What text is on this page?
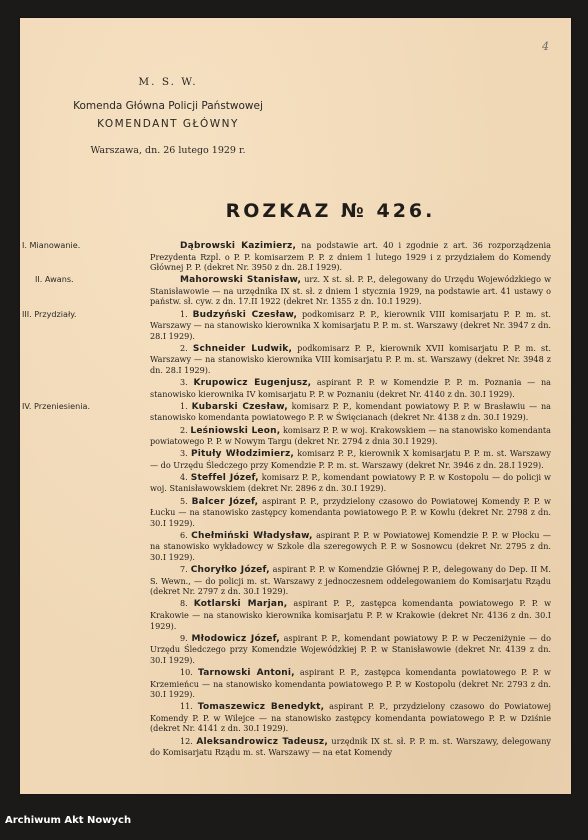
4
M. S. W.
Komenda Główna Policji Państwowej
KOMENDANT GŁÓWNY
Warszawa, dn. 26 lutego 1929 r.
ROZKAZ № 426.
I. Mianowanie.	Dąbrowski Kazimierz, na podstawie art. 40 i zgodnie z art. 36 rozporządzenia Prezydenta Rzpl. o P. P. komisarzem P. P. z dniem 1 lutego 1929 i z przydziałem do Komendy Głównej P. P. (dekret Nr. 3950 z dn. 28.I 1929).
II. Awans.	Mahorowski Stanisław, urz. X st. sł. P. P., delegowany do Urzędu Wojewódzkiego w Stanisławowie — na urzędnika IX st. sł. z dniem 1 stycznia 1929, na podstawie art. 41 ustawy o państw. sł. cyw. z dn. 17.II 1922 (dekret Nr. 1355 z dn. 10.I 1929).
III. Przydziały.	1. Budzyński Czesław, podkomisarz P. P., kierownik VIII komisarjatu P. P. m. st. Warszawy — na stanowisko kierownika X komisarjatu P. P. m. st. Warszawy (dekret Nr. 3947 z dn. 28.I 1929).
2. Schneider Ludwik, podkomisarz P. P., kierownik XVII komisarjatu P. P. m. st. Warszawy — na stanowisko kierownika VIII komisarjatu P. P. m. st. Warszawy (dekret Nr. 3948 z dn. 28.I 1929).
3. Krupowicz Eugenjusz, aspirant P. P. w Komendzie P. P. m. Poznania — na stanowisko kierownika IV komisarjatu P. P. w Poznaniu (dekret Nr. 4140 z dn. 30.I 1929).
IV. Przeniesienia.	1. Kubarski Czesław, komisarz P. P., komendant powiatowy P. P. w Brasławiu — na stanowisko komendanta powiatowego P. P. w Święcianach (dekret Nr. 4138 z dn. 30.I 1929).
2. Leśniowski Leon, komisarz P. P. w woj. Krakowskiem — na stanowisko komendanta powiatowego P. P. w Nowym Targu (dekret Nr. 2794 z dnia 30.I 1929).
3. Pituły Włodzimierz, komisarz P. P., kierownik X komisarjatu P. P. m. st. Warszawy — do Urzędu Śledczego przy Komendzie P. P. m. st. Warszawy (dekret Nr. 3946 z dn. 28.I 1929).
4. Steffel Józef, komisarz P. P., komendant powiatowy P. P. w Kostopolu — do policji w woj. Stanisławowskiem (dekret Nr. 2896 z dn. 30.I 1929).
5. Balcer Józef, aspirant P. P., przydzielony czasowo do Powiatowej Komendy P. P. w Łucku — na stanowisko zastępcy komendanta powiatowego P. P. w Kowlu (dekret Nr. 2798 z dn. 30.I 1929).
6. Chełmiński Władysław, aspirant P. P. w Powiatowej Komendzie P. P. w Płocku — na stanowisko wykładowcy w Szkole dla szeregowych P. P. w Sosnowcu (dekret Nr. 2795 z dn. 30.I 1929).
7. Choryłko Józef, aspirant P. P. w Komendzie Głównej P. P., delegowany do Dep. II M. S. Wewn., — do policji m. st. Warszawy z jednoczesnem oddelegowaniem do Komisarjatu Rządu (dekret Nr. 2797 z dn. 30.I 1929).
8. Kotlarski Marjan, aspirant P. P., zastępca komendanta powiatowego P. P. w Krakowie — na stanowisko kierownika komisarjatu P. P. w Krakowie (dekret Nr. 4136 z dn. 30.I 1929).
9. Młodowicz Józef, aspirant P. P., komendant powiatowy P. P. w Peczeniżynie — do Urzędu Śledczego przy Komendzie Wojewódzkiej P. P. w Stanisławowie (dekret Nr. 4139 z dn. 30.I 1929).
10. Tarnowski Antoni, aspirant P. P., zastępca komendanta powiatowego P. P. w Krzemieńcu — na stanowisko komendanta powiatowego P. P. w Kostopolu (dekret Nr. 2793 z dn. 30.I 1929).
11. Tomaszewicz Benedykt, aspirant P. P., przydzielony czasowo do Powiatowej Komendy P. P. w Wilejce — na stanowisko zastępcy komendanta powiatowego P. P. w Dziśnie (dekret Nr. 4141 z dn. 30.I 1929).
12. Aleksandrowicz Tadeusz, urzędnik IX st. sł. P. P. m. st. Warszawy, delegowany do Komisarjatu Rządu m. st. Warszawy — na etat Komendy
Archiwum Akt Nowych
